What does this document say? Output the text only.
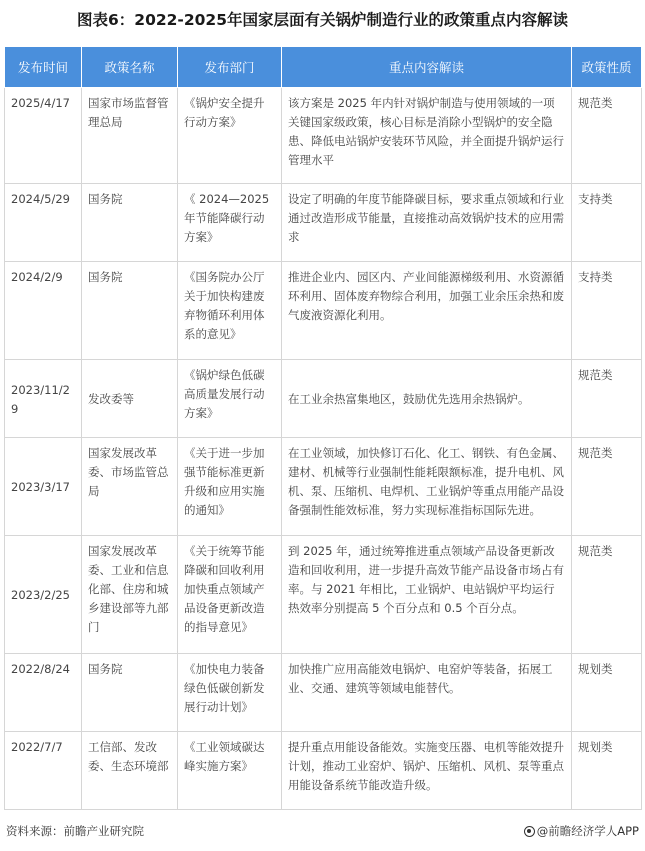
图表6：2022-2025年国家层面有关锅炉制造行业的政策重点内容解读
发布时间	政策名称	发布部门	重点内容解读	政策性质
2025/4/17	国家市场监督管理总局	《锅炉安全提升行动方案》	该方案是 2025 年内针对锅炉制造与使用领域的一项关键国家级政策，核心目标是消除小型锅炉的安全隐患、降低电站锅炉安装环节风险，并全面提升锅炉运行管理水平	规范类
2024/5/29	国务院	《 2024—2025 年节能降碳行动方案》	设定了明确的年度节能降碳目标，要求重点领域和行业通过改造形成节能量，直接推动高效锅炉技术的应用需求	支持类
2024/2/9	国务院	《国务院办公厅关于加快构建废弃物循环利用体系的意见》	推进企业内、园区内、产业间能源梯级利用、水资源循环利用、固体废弃物综合利用，加强工业余压余热和废气废液资源化利用。	支持类
2023/11/29	发改委等	《锅炉绿色低碳高质量发展行动方案》	在工业余热富集地区，鼓励优先选用余热锅炉。	规范类
2023/3/17	国家发展改革委、市场监管总局	《关于进一步加强节能标准更新升级和应用实施的通知》	在工业领域，加快修订石化、化工、钢铁、有色金属、建材、机械等行业强制性能耗限额标准，提升电机、风机、泵、压缩机、电焊机、工业锅炉等重点用能产品设备强制性能效标准，努力实现标准指标国际先进。	规范类
2023/2/25	国家发展改革委、工业和信息化部、住房和城乡建设部等九部门	《关于统筹节能降碳和回收利用加快重点领域产品设备更新改造的指导意见》	到 2025 年，通过统筹推进重点领域产品设备更新改造和回收利用，进一步提升高效节能产品设备市场占有率。与 2021 年相比，工业锅炉、电站锅炉平均运行热效率分别提高 5 个百分点和 0.5 个百分点。	规范类
2022/8/24	国务院	《加快电力装备绿色低碳创新发展行动计划》	加快推广应用高能效电锅炉、电窑炉等装备，拓展工业、交通、建筑等领域电能替代。	规划类
2022/7/7	工信部、发改委、生态环境部	《工业领域碳达峰实施方案》	提升重点用能设备能效。实施变压器、电机等能效提升计划，推动工业窑炉、锅炉、压缩机、风机、泵等重点用能设备系统节能改造升级。	规划类
资料来源：前瞻产业研究院	@前瞻经济学人APP
